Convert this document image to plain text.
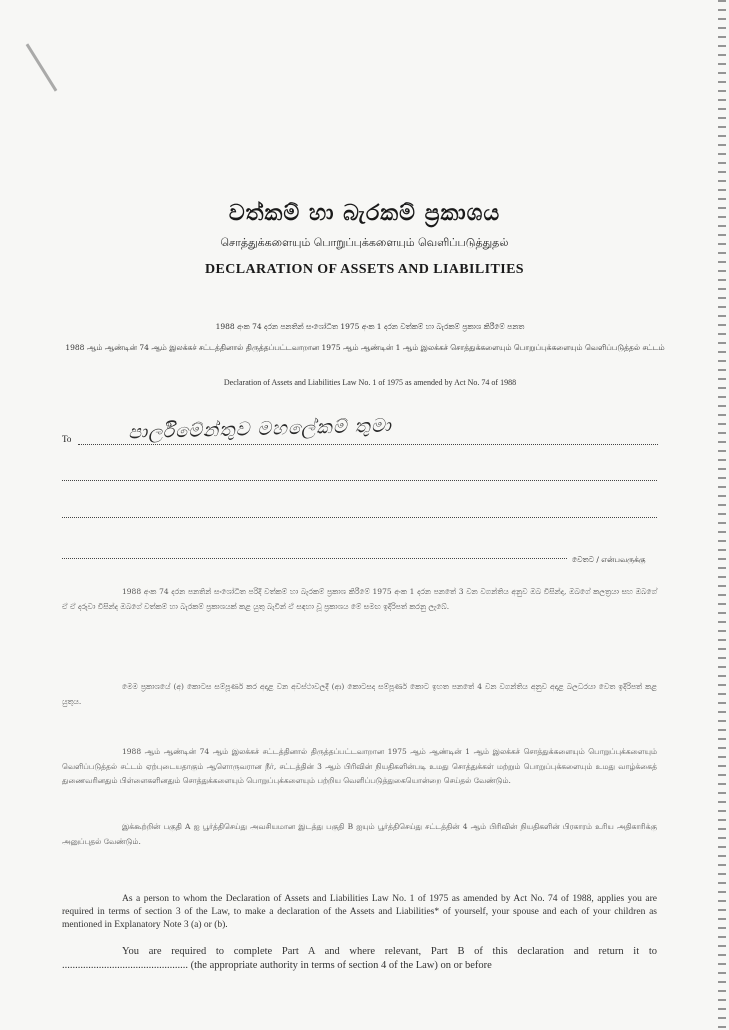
වත්කම් හා බැරකම් ප්‍රකාශය
சொத்துக்களையும் பொறுப்புக்களையும் வெளிப்படுத்துதல்
DECLARATION OF ASSETS AND LIABILITIES
1988 අංක 74 දරන පනතින් සංශෝධිත 1975 අංක 1 දරන වත්කම් හා බැරකම් ප්‍රකාශ කිරීමේ පනත
1988 ஆம் ஆண்டின் 74 ஆம் இலக்கச் சட்டத்தினால் திருத்தப்பட்டவாறான 1975 ஆம் ஆண்டின் 1 ஆம் இலக்கச் சொத்துக்களையும் பொறுப்புக்களையும் வெளிப்படுத்தல் சட்டம்
Declaration of Assets and Liabilities Law No. 1 of 1975 as amended by Act No. 74 of 1988
To	පාර්ලිමේන්තුව මහලේකම් තුමා
වෙතට / என்பவருக்கு
1988 අංක 74 දරන පනතින් සංශෝධිත පරිදි වත්කම් හා බැරකම් ප්‍රකාශ කිරීමේ 1975 අංක 1 දරන පනතේ 3 වන වගන්තිය අනුව ඔබ විසින්ද, ඔබගේ කලත්‍රයා සහ ඔබගේ ඒ ඒ දරුවා විසින්ද ඔබගේ වත්කම් හා බැරකම් ප්‍රකාශයක් කළ යුතු බැවින් ඒ සඳහා වූ ප්‍රකාශය මේ සමඟ ඉදිරිපත් කරනු ලැබේ.
මෙම ප්‍රකාශයේ (අ) කොටස සම්පූර්ණ කර අදාළ වන අවස්ථාවලදී (ආ) කොටසද සම්පූර්ණ කොට ඉහත පනතේ 4 වන වගන්තිය අනුව අදාළ බලධරයා වෙත ඉදිරිපත් කළ යුතුය.
1988 ஆம் ஆண்டின் 74 ஆம் இலக்கச் சட்டத்தினால் திருத்தப்பட்டவாறான 1975 ஆம் ஆண்டின் 1 ஆம் இலக்கச் சொத்துக்களையும் பொறுப்புக்களையும் வெளிப்படுத்தல் சட்டம் ஏற்புடையதாகும் ஆளொருவரான நீர், சட்டத்தின் 3 ஆம் பிரிவின் நியதிகளின்படி உமது சொத்துக்கள் மற்றும் பொறுப்புக்களையும் உமது வாழ்க்கைத் துணைவரினதும் பிள்ளைகளினதும் சொத்துக்களையும் பொறுப்புக்களையும் பற்றிய வெளிப்படுத்துகையொன்றை செய்தல் வேண்டும்.
இக்கூற்றின் பகுதி A ஐ பூர்த்திசெய்து அவசியமான இடத்து பகுதி B ஐயும் பூர்த்திசெய்து சட்டத்தின் 4 ஆம் பிரிவின் நியதிகளின் பிரகாரம் உரிய அதிகாரிக்கு அனுப்புதல் வேண்டும்.
As a person to whom the Declaration of Assets and Liabilities Law No. 1 of 1975 as amended by Act No. 74 of 1988, applies you are required in terms of section 3 of the Law, to make a declaration of the Assets and Liabilities* of yourself, your spouse and each of your children as mentioned in Explanatory Note 3 (a) or (b).
You are required to complete Part A and where relevant, Part B of this declaration and return it to ................................................ (the appropriate authority in terms of section 4 of the Law) on or before
